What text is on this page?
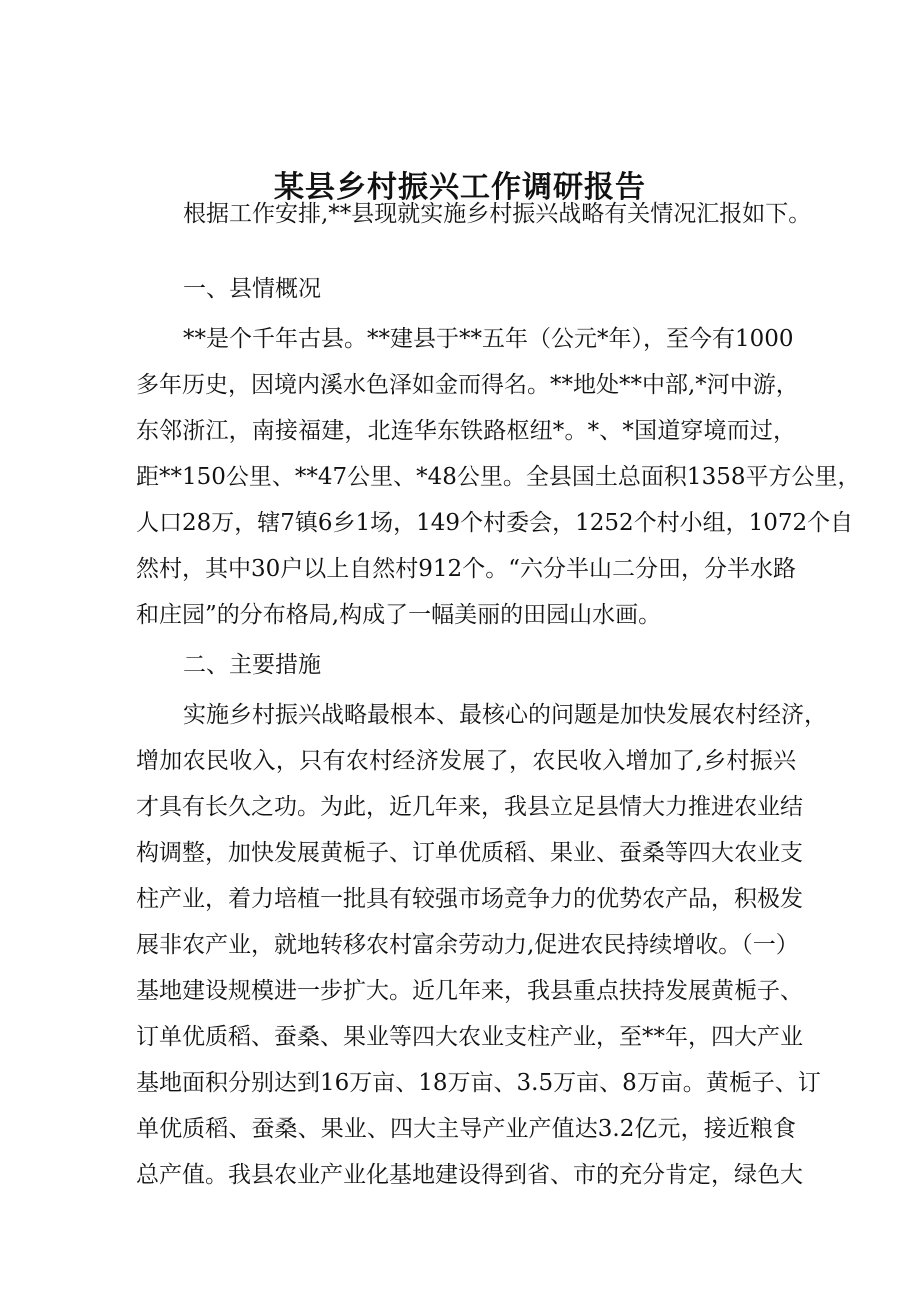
某县乡村振兴工作调研报告

根据工作安排,**县现就实施乡村振兴战略有关情况汇报如下。

一、县情概况

**是个千年古县。**建县于**五年（公元*年），至今有1000

多年历史，因境内溪水色泽如金而得名。**地处**中部,*河中游，

东邻浙江，南接福建，北连华东铁路枢纽*。*、*国道穿境而过，

距**150公里、**47公里、*48公里。全县国土总面积1358平方公里，

人口28万，辖7镇6乡1场，149个村委会，1252个村小组，1072个自

然村，其中30户以上自然村912个。“六分半山二分田，分半水路

和庄园”的分布格局,构成了一幅美丽的田园山水画。

二、主要措施

实施乡村振兴战略最根本、最核心的问题是加快发展农村经济，

增加农民收入，只有农村经济发展了，农民收入增加了,乡村振兴

才具有长久之功。为此，近几年来，我县立足县情大力推进农业结

构调整，加快发展黄栀子、订单优质稻、果业、蚕桑等四大农业支

柱产业，着力培植一批具有较强市场竞争力的优势农产品，积极发

展非农产业，就地转移农村富余劳动力,促进农民持续增收。（一）

基地建设规模进一步扩大。近几年来，我县重点扶持发展黄栀子、

订单优质稻、蚕桑、果业等四大农业支柱产业，至**年，四大产业

基地面积分别达到16万亩、18万亩、3.5万亩、8万亩。黄栀子、订

单优质稻、蚕桑、果业、四大主导产业产值达3.2亿元，接近粮食

总产值。我县农业产业化基地建设得到省、市的充分肯定，绿色大
